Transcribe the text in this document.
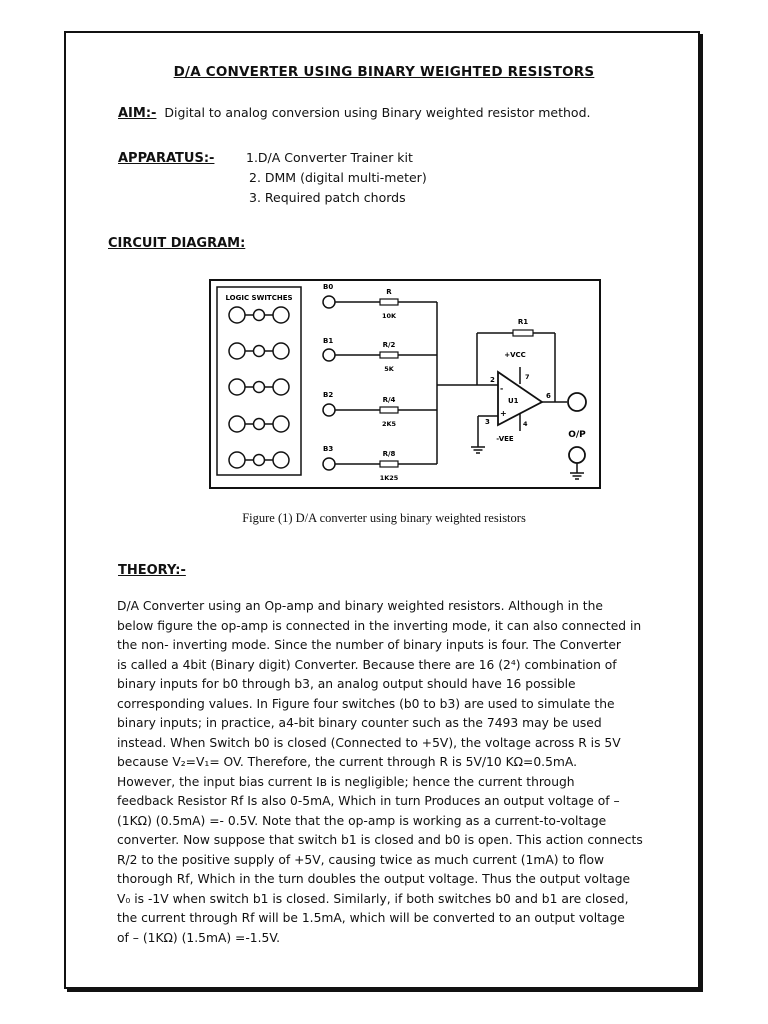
D/A CONVERTER USING BINARY WEIGHTED RESISTORS
AIM:- Digital to analog conversion using Binary weighted resistor method.
APPARATUS:-	1.D/A Converter Trainer kit
2. DMM (digital multi-meter)
3. Required patch chords
CIRCUIT DIAGRAM:
LOGIC SWITCHES
B0
R
10K
B1	R/2
5K
B2
R/4
2K5
B3
R/8
1K25
R1
U1
-
+
2
3
6
+VCC
7
4
-VEE	O/P
Figure (1) D/A converter using binary weighted resistors
THEORY:-

D/A Converter using an Op-amp and binary weighted resistors. Although in the

below figure the op-amp is connected in the inverting mode, it can also connected in

the non- inverting mode. Since the number of binary inputs is four. The Converter

is called a 4bit (Binary digit) Converter. Because there are 16 (2⁴) combination of

binary inputs for b0 through b3, an analog output should have 16 possible

corresponding values. In Figure four switches (b0 to b3) are used to simulate the

binary inputs; in practice, a4-bit binary counter such as the 7493 may be used

instead. When Switch b0 is closed (Connected to +5V), the voltage across R is 5V

because V₂=V₁= OV. Therefore, the current through R is 5V/10 KΩ=0.5mA.

However, the input bias current Iʙ is negligible; hence the current through

feedback Resistor Rf Is also 0-5mA, Which in turn Produces an output voltage of –

(1KΩ) (0.5mA) =- 0.5V. Note that the op-amp is working as a current-to-voltage

converter. Now suppose that switch b1 is closed and b0 is open. This action connects

R/2 to the positive supply of +5V, causing twice as much current (1mA) to flow

thorough Rf, Which in the turn doubles the output voltage. Thus the output voltage

V₀ is -1V when switch b1 is closed. Similarly, if both switches b0 and b1 are closed,

the current through Rf will be 1.5mA, which will be converted to an output voltage

of – (1KΩ) (1.5mA) =-1.5V.
